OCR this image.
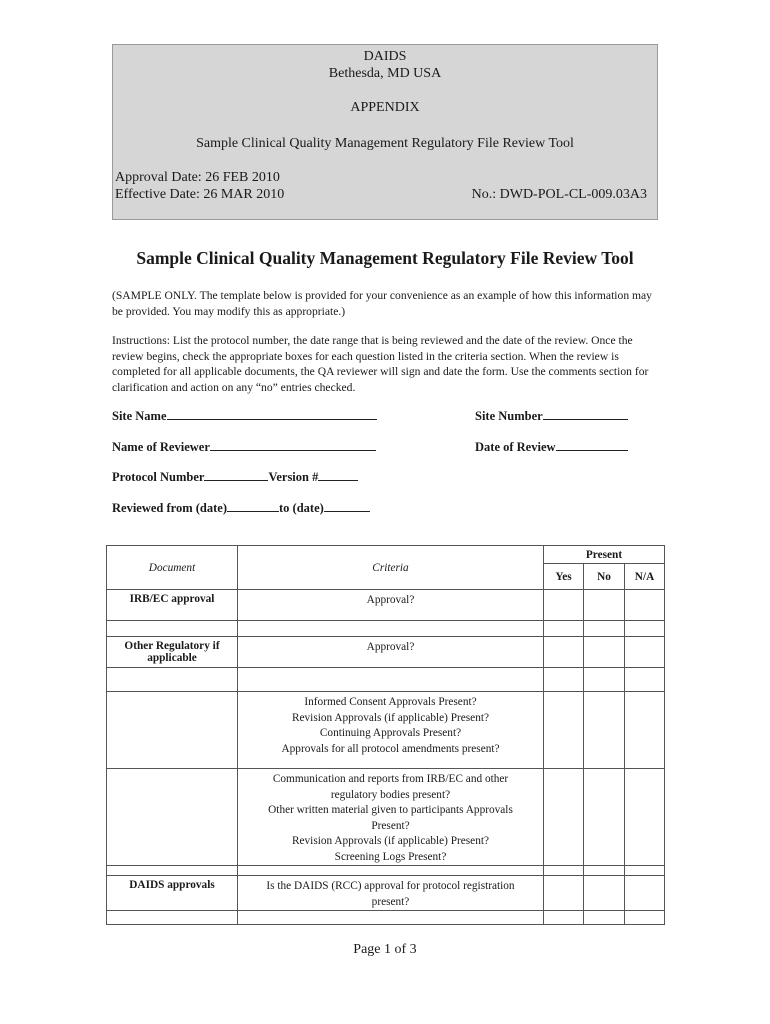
DAIDS
Bethesda, MD USA
APPENDIX
Sample Clinical Quality Management Regulatory File Review Tool
Approval Date: 26 FEB 2010
Effective Date: 26 MAR 2010	No.: DWD-POL-CL-009.03A3
Sample Clinical Quality Management Regulatory File Review Tool
(SAMPLE ONLY. The template below is provided for your convenience as an example of how this information may be provided. You may modify this as appropriate.)
Instructions: List the protocol number, the date range that is being reviewed and the date of the review. Once the review begins, check the appropriate boxes for each question listed in the criteria section. When the review is completed for all applicable documents, the QA reviewer will sign and date the form. Use the comments section for clarification and action on any “no” entries checked.
Site Name	Site Number
Name of Reviewer	Date of Review
Protocol Number	Version #
Reviewed from (date)	to (date)
Document	Criteria	Present		
		Yes	No	N/A
IRB/EC approval	Approval?			

Other Regulatory if applicable	Approval?			

	Informed Consent Approvals Present?
Revision Approvals (if applicable) Present?
Continuing Approvals Present?
Approvals for all protocol amendments present?			

	Communication and reports from IRB/EC and other regulatory bodies present?
Other written material given to participants Approvals Present?
Revision Approvals (if applicable) Present?
Screening Logs Present?			

DAIDS approvals	Is the DAIDS (RCC) approval for protocol registration present?			

Page 1 of 3
